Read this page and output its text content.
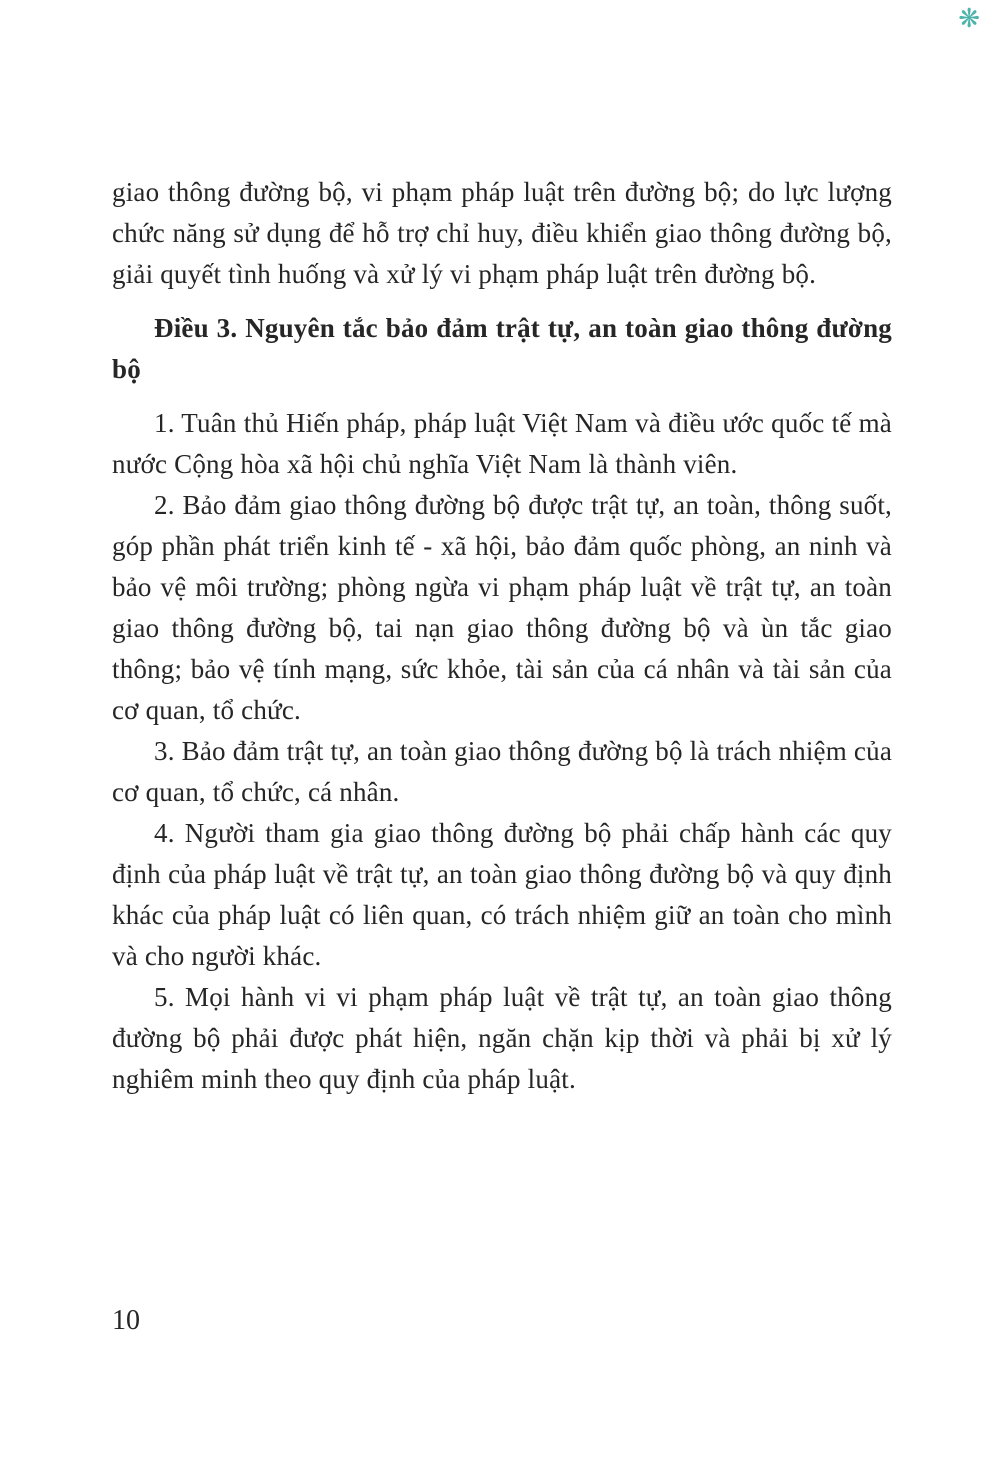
❋

giao thông đường bộ, vi phạm pháp luật trên đường bộ; do lực lượng chức năng sử dụng để hỗ trợ chỉ huy, điều khiển giao thông đường bộ, giải quyết tình huống và xử lý vi phạm pháp luật trên đường bộ.

Điều 3. Nguyên tắc bảo đảm trật tự, an toàn giao thông đường bộ

1. Tuân thủ Hiến pháp, pháp luật Việt Nam và điều ước quốc tế mà nước Cộng hòa xã hội chủ nghĩa Việt Nam là thành viên.

2. Bảo đảm giao thông đường bộ được trật tự, an toàn, thông suốt, góp phần phát triển kinh tế - xã hội, bảo đảm quốc phòng, an ninh và bảo vệ môi trường; phòng ngừa vi phạm pháp luật về trật tự, an toàn giao thông đường bộ, tai nạn giao thông đường bộ và ùn tắc giao thông; bảo vệ tính mạng, sức khỏe, tài sản của cá nhân và tài sản của cơ quan, tổ chức.

3. Bảo đảm trật tự, an toàn giao thông đường bộ là trách nhiệm của cơ quan, tổ chức, cá nhân.

4. Người tham gia giao thông đường bộ phải chấp hành các quy định của pháp luật về trật tự, an toàn giao thông đường bộ và quy định khác của pháp luật có liên quan, có trách nhiệm giữ an toàn cho mình và cho người khác.

5. Mọi hành vi vi phạm pháp luật về trật tự, an toàn giao thông đường bộ phải được phát hiện, ngăn chặn kịp thời và phải bị xử lý nghiêm minh theo quy định của pháp luật.

10
